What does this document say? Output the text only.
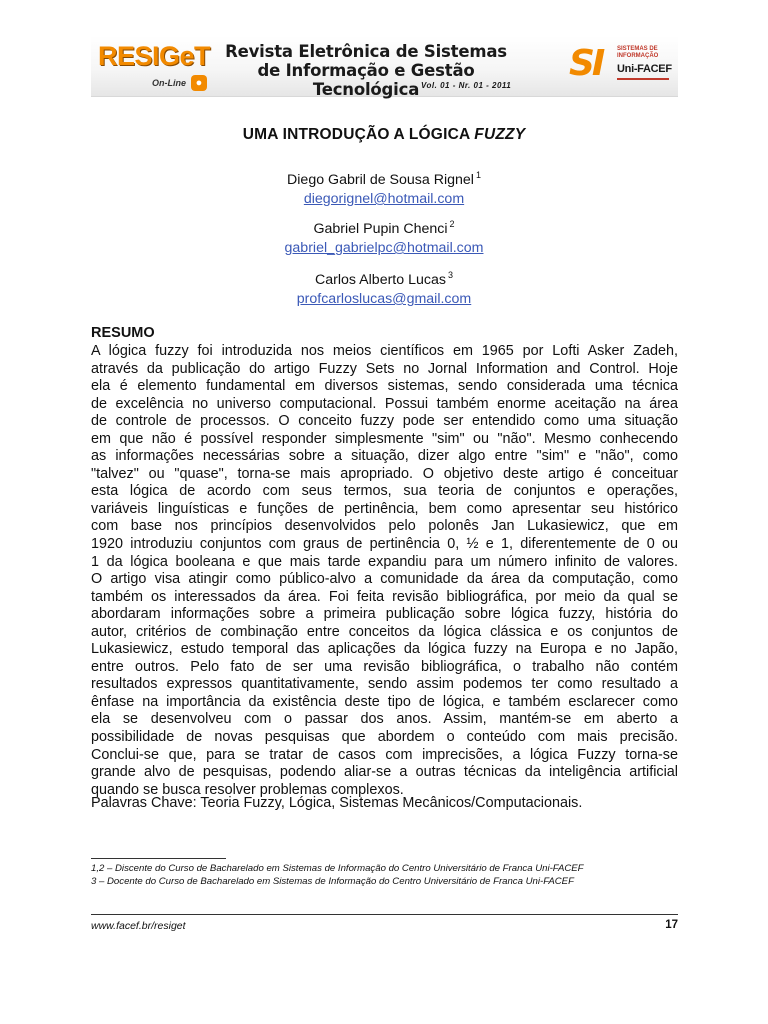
RESIGeT
On-Line ●
Revista Eletrônica de Sistemas
de Informação e Gestão Tecnológica Vol. 01 - Nr. 01 - 2011
SI SISTEMAS DE INFORMAÇÃO
Uni-FACEF
UMA INTRODUÇÃO A LÓGICA FUZZY
Diego Gabril de Sousa Rignel $^1$
diegorignel@hotmail.com
Gabriel Pupin Chenci $^2$
gabriel_gabrielpc@hotmail.com
Carlos Alberto Lucas $^3$
profcarloslucas@gmail.com
RESUMO
A lógica fuzzy foi introduzida nos meios científicos em 1965 por Lofti Asker Zadeh,
através da publicação do artigo Fuzzy Sets no Jornal Information and Control. Hoje
ela é elemento fundamental em diversos sistemas, sendo considerada uma técnica
de excelência no universo computacional. Possui também enorme aceitação na área
de controle de processos. O conceito fuzzy pode ser entendido como uma situação
em que não é possível responder simplesmente "sim" ou "não". Mesmo conhecendo
as informações necessárias sobre a situação, dizer algo entre "sim" e "não", como
"talvez" ou "quase", torna-se mais apropriado. O objetivo deste artigo é conceituar
esta lógica de acordo com seus termos, sua teoria de conjuntos e operações,
variáveis linguísticas e funções de pertinência, bem como apresentar seu histórico
com base nos princípios desenvolvidos pelo polonês Jan Lukasiewicz, que em
1920 introduziu conjuntos com graus de pertinência 0, ½ e 1, diferentemente de 0 ou
1 da lógica booleana e que mais tarde expandiu para um número infinito de valores.
O artigo visa atingir como público-alvo a comunidade da área da computação, como
também os interessados da área. Foi feita revisão bibliográfica, por meio da qual se
abordaram informações sobre a primeira publicação sobre lógica fuzzy, história do
autor, critérios de combinação entre conceitos da lógica clássica e os conjuntos de
Lukasiewicz, estudo temporal das aplicações da lógica fuzzy na Europa e no Japão,
entre outros. Pelo fato de ser uma revisão bibliográfica, o trabalho não contém
resultados expressos quantitativamente, sendo assim podemos ter como resultado a
ênfase na importância da existência deste tipo de lógica, e também esclarecer como
ela se desenvolveu com o passar dos anos. Assim, mantém-se em aberto a
possibilidade de novas pesquisas que abordem o conteúdo com mais precisão.
Conclui-se que, para se tratar de casos com imprecisões, a lógica Fuzzy torna-se
grande alvo de pesquisas, podendo aliar-se a outras técnicas da inteligência artificial
quando se busca resolver problemas complexos.
Palavras Chave: Teoria Fuzzy, Lógica, Sistemas Mecânicos/Computacionais.
1,2 – Discente do Curso de Bacharelado em Sistemas de Informação do Centro Universitário de Franca Uni-FACEF
3 – Docente do Curso de Bacharelado em Sistemas de Informação do Centro Universitário de Franca Uni-FACEF
www.facef.br/resiget	17
